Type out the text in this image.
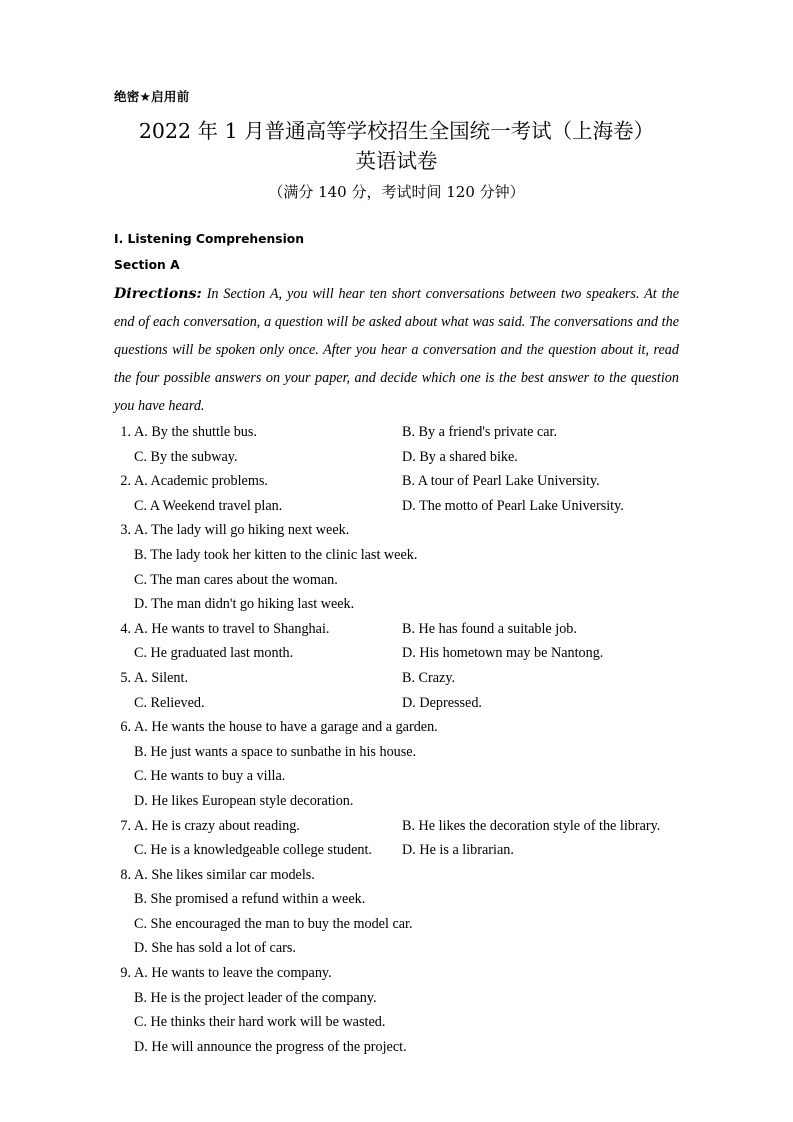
绝密★启用前
2022 年 1 月普通高等学校招生全国统一考试（上海卷）
英语试卷
（满分 140 分，考试时间 120 分钟）
I. Listening Comprehension
Section A

Directions: In Section A, you will hear ten short conversations between two speakers. At the end of each conversation, a question will be asked about what was said. The conversations and the questions will be spoken only once. After you hear a conversation and the question about it, read the four possible answers on your paper, and decide which one is the best answer to the question you have heard.

1. A. By the shuttle bus.	B. By a friend's private car.
C. By the subway.	D. By a shared bike.
2. A. Academic problems.	B. A tour of Pearl Lake University.
C. A Weekend travel plan.	D. The motto of Pearl Lake University.
3. A. The lady will go hiking next week.
B. The lady took her kitten to the clinic last week.
C. The man cares about the woman.
D. The man didn't go hiking last week.
4. A. He wants to travel to Shanghai.	B. He has found a suitable job.
C. He graduated last month.	D. His hometown may be Nantong.
5. A. Silent.	B. Crazy.
C. Relieved.	D. Depressed.
6. A. He wants the house to have a garage and a garden.
B. He just wants a space to sunbathe in his house.
C. He wants to buy a villa.
D. He likes European style decoration.
7. A. He is crazy about reading.	B. He likes the decoration style of the library.
C. He is a knowledgeable college student.	D. He is a librarian.
8. A. She likes similar car models.
B. She promised a refund within a week.
C. She encouraged the man to buy the model car.
D. She has sold a lot of cars.
9. A. He wants to leave the company.
B. He is the project leader of the company.
C. He thinks their hard work will be wasted.
D. He will announce the progress of the project.
